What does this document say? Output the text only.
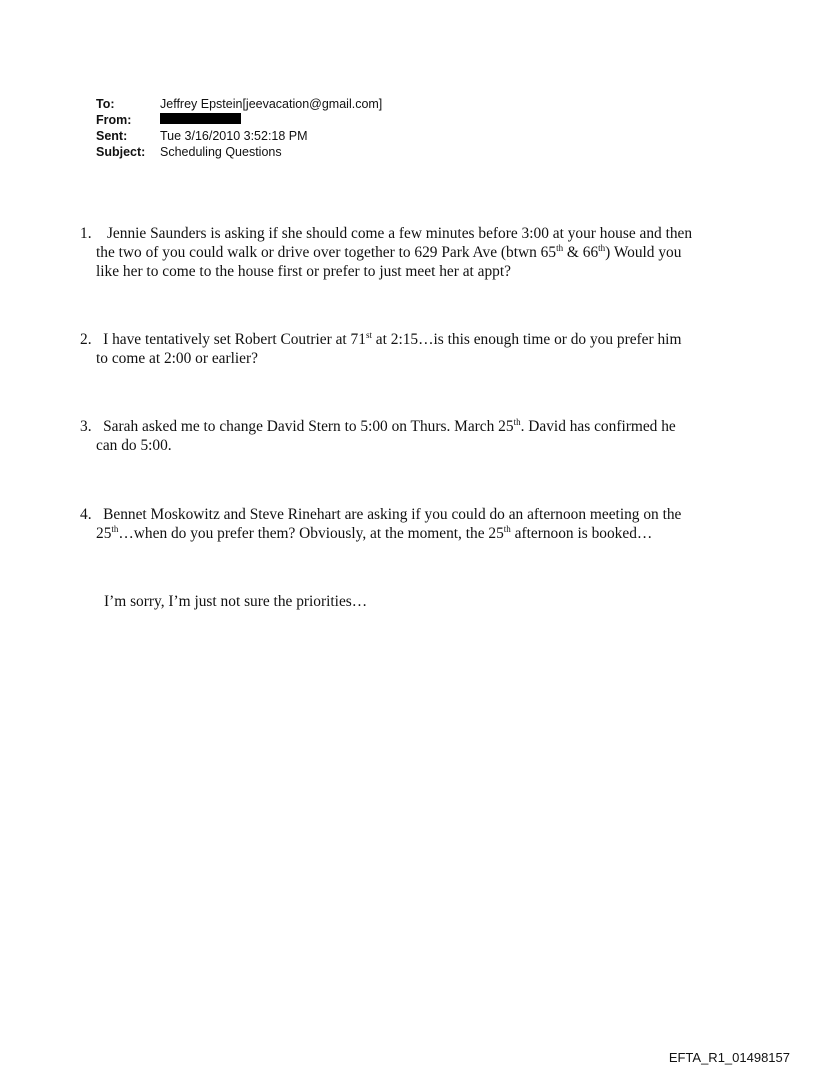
To:	Jeffrey Epstein[jeevacation@gmail.com]
From:
Sent:	Tue 3/16/2010 3:52:18 PM
Subject:	Scheduling Questions
1. Jennie Saunders is asking if she should come a few minutes before 3:00 at your house and then
the two of you could walk or drive over together to 629 Park Ave (btwn 65th & 66th) Would you
like her to come to the house first or prefer to just meet her at appt?
2. I have tentatively set Robert Coutrier at 71st at 2:15…is this enough time or do you prefer him
to come at 2:00 or earlier?
3. Sarah asked me to change David Stern to 5:00 on Thurs. March 25th. David has confirmed he
can do 5:00.
4. Bennet Moskowitz and Steve Rinehart are asking if you could do an afternoon meeting on the
25th…when do you prefer them? Obviously, at the moment, the 25th afternoon is booked…
I’m sorry, I’m just not sure the priorities…
EFTA_R1_01498157
